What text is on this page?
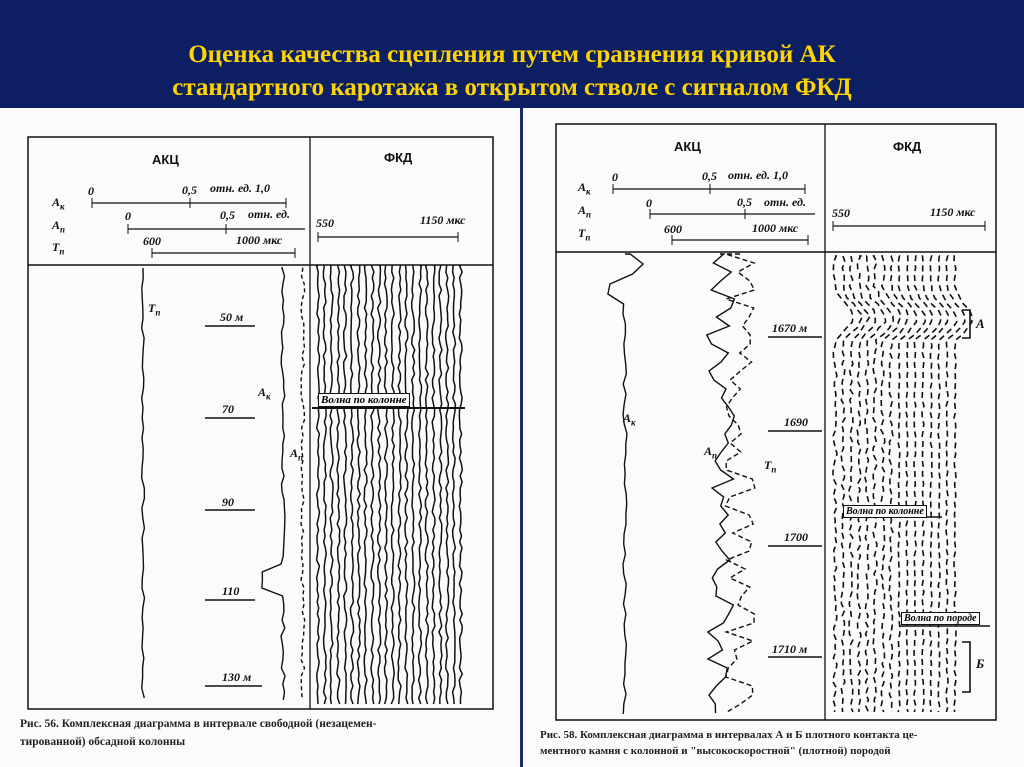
Оценка качества сцепления путем сравнения кривой АК
стандартного каротажа в открытом стволе с сигналом ФКД
АКЦ	ФКД
$А_к$
$А_п$
$Т_п$
0	0,5 отн. ед. 1,0
0	0,5 отн. ед.
600	1000 мкс
550	1150 мкс
$Т_п$
$А_к$
$А_п$
50 м
70
90
110
130 м
Волна по колонне
Рис. 56. Комплексная диаграмма в интервале свободной (незацемен-
тированной) обсадной колонны
АКЦ	ФКД
$А_к$
$А_п$
$Т_п$
0	0,5 отн. ед. 1,0
0	0,5 отн. ед.
600	1000 мкс
550	1150 мкс
$А_к$
$А_п$
$Т_п$
1670 м
1690
1700
1710 м
Волна по колонне
Волна по породе
А
Б
Рис. 58. Комплексная диаграмма в интервалах А и Б плотного контакта це-
ментного камня с колонной и "высокоскоростной" (плотной) породой
